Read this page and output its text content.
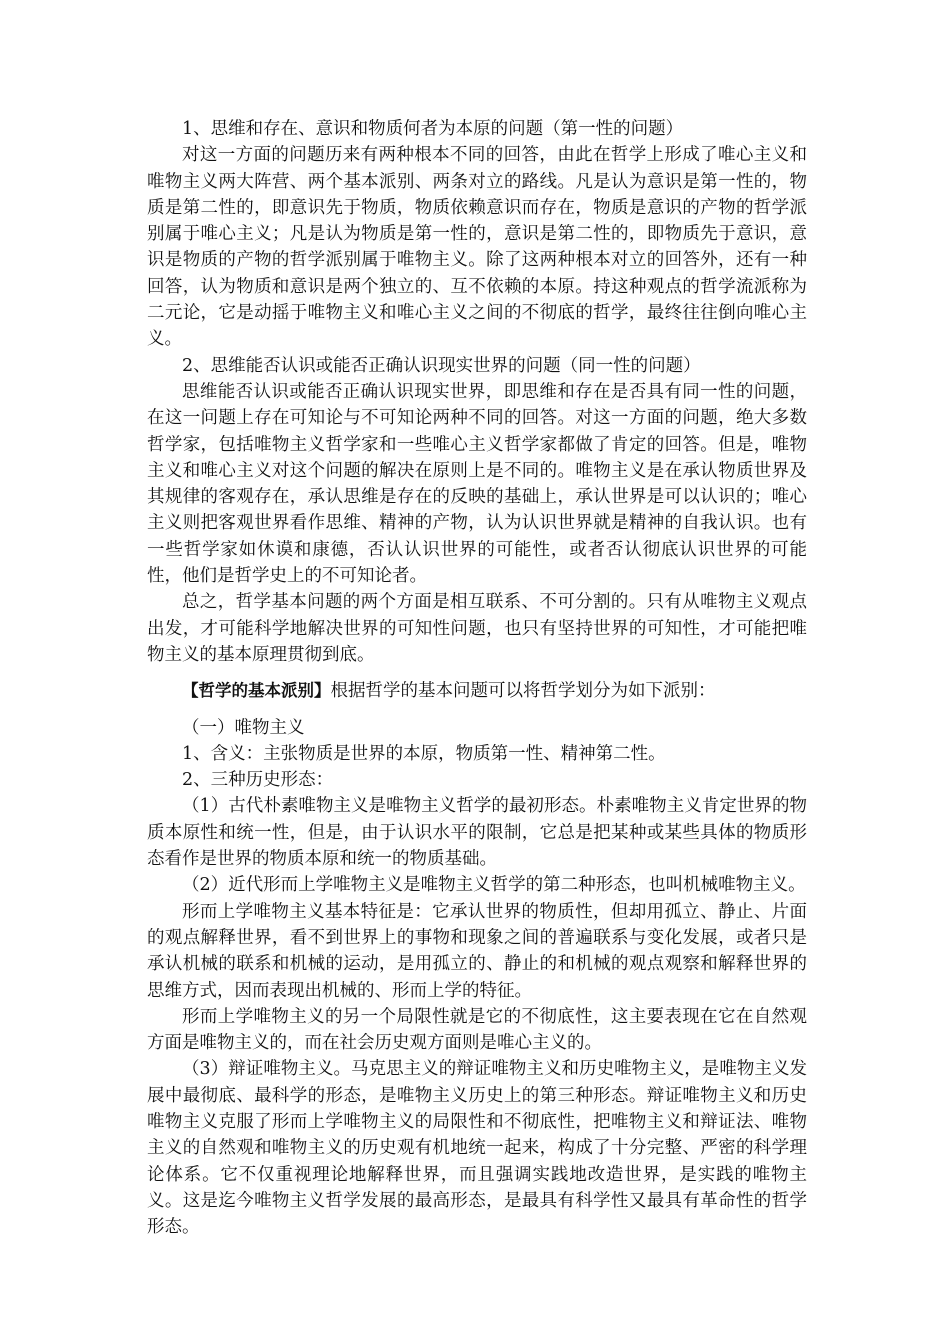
1、思维和存在、意识和物质何者为本原的问题（第一性的问题）

对这一方面的问题历来有两种根本不同的回答，由此在哲学上形成了唯心主义和唯物主义两大阵营、两个基本派别、两条对立的路线。凡是认为意识是第一性的，物质是第二性的，即意识先于物质，物质依赖意识而存在，物质是意识的产物的哲学派别属于唯心主义；凡是认为物质是第一性的，意识是第二性的，即物质先于意识，意识是物质的产物的哲学派别属于唯物主义。除了这两种根本对立的回答外，还有一种回答，认为物质和意识是两个独立的、互不依赖的本原。持这种观点的哲学流派称为二元论，它是动摇于唯物主义和唯心主义之间的不彻底的哲学，最终往往倒向唯心主义。

2、思维能否认识或能否正确认识现实世界的问题（同一性的问题）

思维能否认识或能否正确认识现实世界，即思维和存在是否具有同一性的问题，在这一问题上存在可知论与不可知论两种不同的回答。对这一方面的问题，绝大多数哲学家，包括唯物主义哲学家和一些唯心主义哲学家都做了肯定的回答。但是，唯物主义和唯心主义对这个问题的解决在原则上是不同的。唯物主义是在承认物质世界及其规律的客观存在，承认思维是存在的反映的基础上，承认世界是可以认识的；唯心主义则把客观世界看作思维、精神的产物，认为认识世界就是精神的自我认识。也有一些哲学家如休谟和康德，否认认识世界的可能性，或者否认彻底认识世界的可能性，他们是哲学史上的不可知论者。

总之，哲学基本问题的两个方面是相互联系、不可分割的。只有从唯物主义观点出发，才可能科学地解决世界的可知性问题，也只有坚持世界的可知性，才可能把唯物主义的基本原理贯彻到底。

【哲学的基本派别】根据哲学的基本问题可以将哲学划分为如下派别：

（一）唯物主义

1、含义：主张物质是世界的本原，物质第一性、精神第二性。

2、三种历史形态：

（1）古代朴素唯物主义是唯物主义哲学的最初形态。朴素唯物主义肯定世界的物质本原性和统一性，但是，由于认识水平的限制，它总是把某种或某些具体的物质形态看作是世界的物质本原和统一的物质基础。

（2）近代形而上学唯物主义是唯物主义哲学的第二种形态，也叫机械唯物主义。

形而上学唯物主义基本特征是：它承认世界的物质性，但却用孤立、静止、片面的观点解释世界，看不到世界上的事物和现象之间的普遍联系与变化发展，或者只是承认机械的联系和机械的运动，是用孤立的、静止的和机械的观点观察和解释世界的思维方式，因而表现出机械的、形而上学的特征。

形而上学唯物主义的另一个局限性就是它的不彻底性，这主要表现在它在自然观方面是唯物主义的，而在社会历史观方面则是唯心主义的。

（3）辩证唯物主义。马克思主义的辩证唯物主义和历史唯物主义，是唯物主义发展中最彻底、最科学的形态，是唯物主义历史上的第三种形态。辩证唯物主义和历史唯物主义克服了形而上学唯物主义的局限性和不彻底性，把唯物主义和辩证法、唯物主义的自然观和唯物主义的历史观有机地统一起来，构成了十分完整、严密的科学理论体系。它不仅重视理论地解释世界，而且强调实践地改造世界，是实践的唯物主义。这是迄今唯物主义哲学发展的最高形态，是最具有科学性又最具有革命性的哲学形态。
